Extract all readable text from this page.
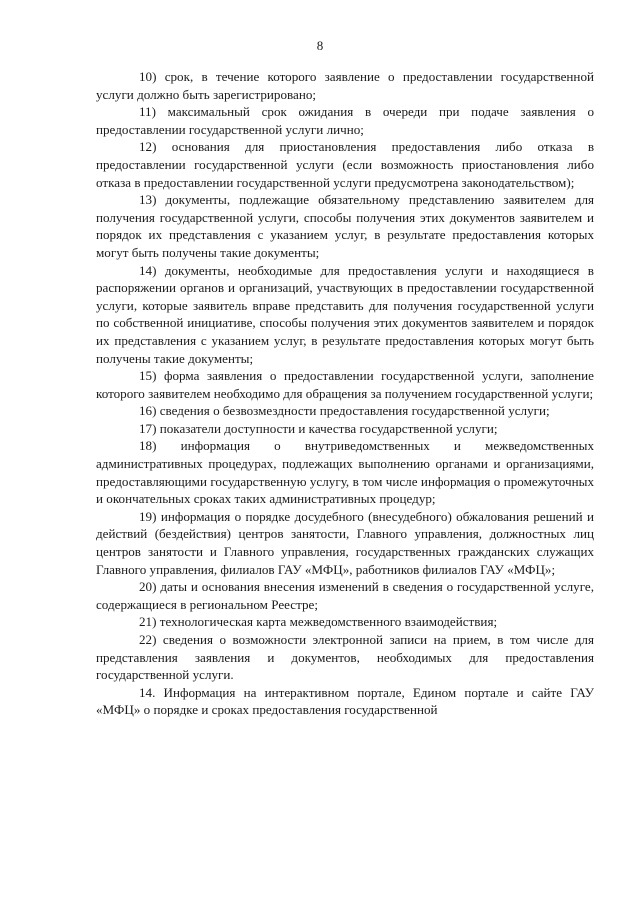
8

10) срок, в течение которого заявление о предоставлении государственной услуги должно быть зарегистрировано;

11) максимальный срок ожидания в очереди при подаче заявления о предоставлении государственной услуги лично;

12) основания для приостановления предоставления либо отказа в предоставлении государственной услуги (если возможность приостановления либо отказа в предоставлении государственной услуги предусмотрена законодательством);

13) документы, подлежащие обязательному представлению заявителем для получения государственной услуги, способы получения этих документов заявителем и порядок их представления с указанием услуг, в результате предоставления которых могут быть получены такие документы;

14) документы, необходимые для предоставления услуги и находящиеся в распоряжении органов и организаций, участвующих в предоставлении государственной услуги, которые заявитель вправе представить для получения государственной услуги по собственной инициативе, способы получения этих документов заявителем и порядок их представления с указанием услуг, в результате предоставления которых могут быть получены такие документы;

15) форма заявления о предоставлении государственной услуги, заполнение которого заявителем необходимо для обращения за получением государственной услуги;

16) сведения о безвозмездности предоставления государственной услуги;

17) показатели доступности и качества государственной услуги;

18) информация о внутриведомственных и межведомственных административных процедурах, подлежащих выполнению органами и организациями, предоставляющими государственную услугу, в том числе информация о промежуточных и окончательных сроках таких административных процедур;

19) информация о порядке досудебного (внесудебного) обжалования решений и действий (бездействия) центров занятости, Главного управления, должностных лиц центров занятости и Главного управления, государственных гражданских служащих Главного управления, филиалов ГАУ «МФЦ», работников филиалов ГАУ «МФЦ»;

20) даты и основания внесения изменений в сведения о государственной услуге, содержащиеся в региональном Реестре;

21) технологическая карта межведомственного взаимодействия;

22) сведения о возможности электронной записи на прием, в том числе для представления заявления и документов, необходимых для предоставления государственной услуги.

14. Информация на интерактивном портале, Едином портале и сайте ГАУ «МФЦ» о порядке и сроках предоставления государственной
